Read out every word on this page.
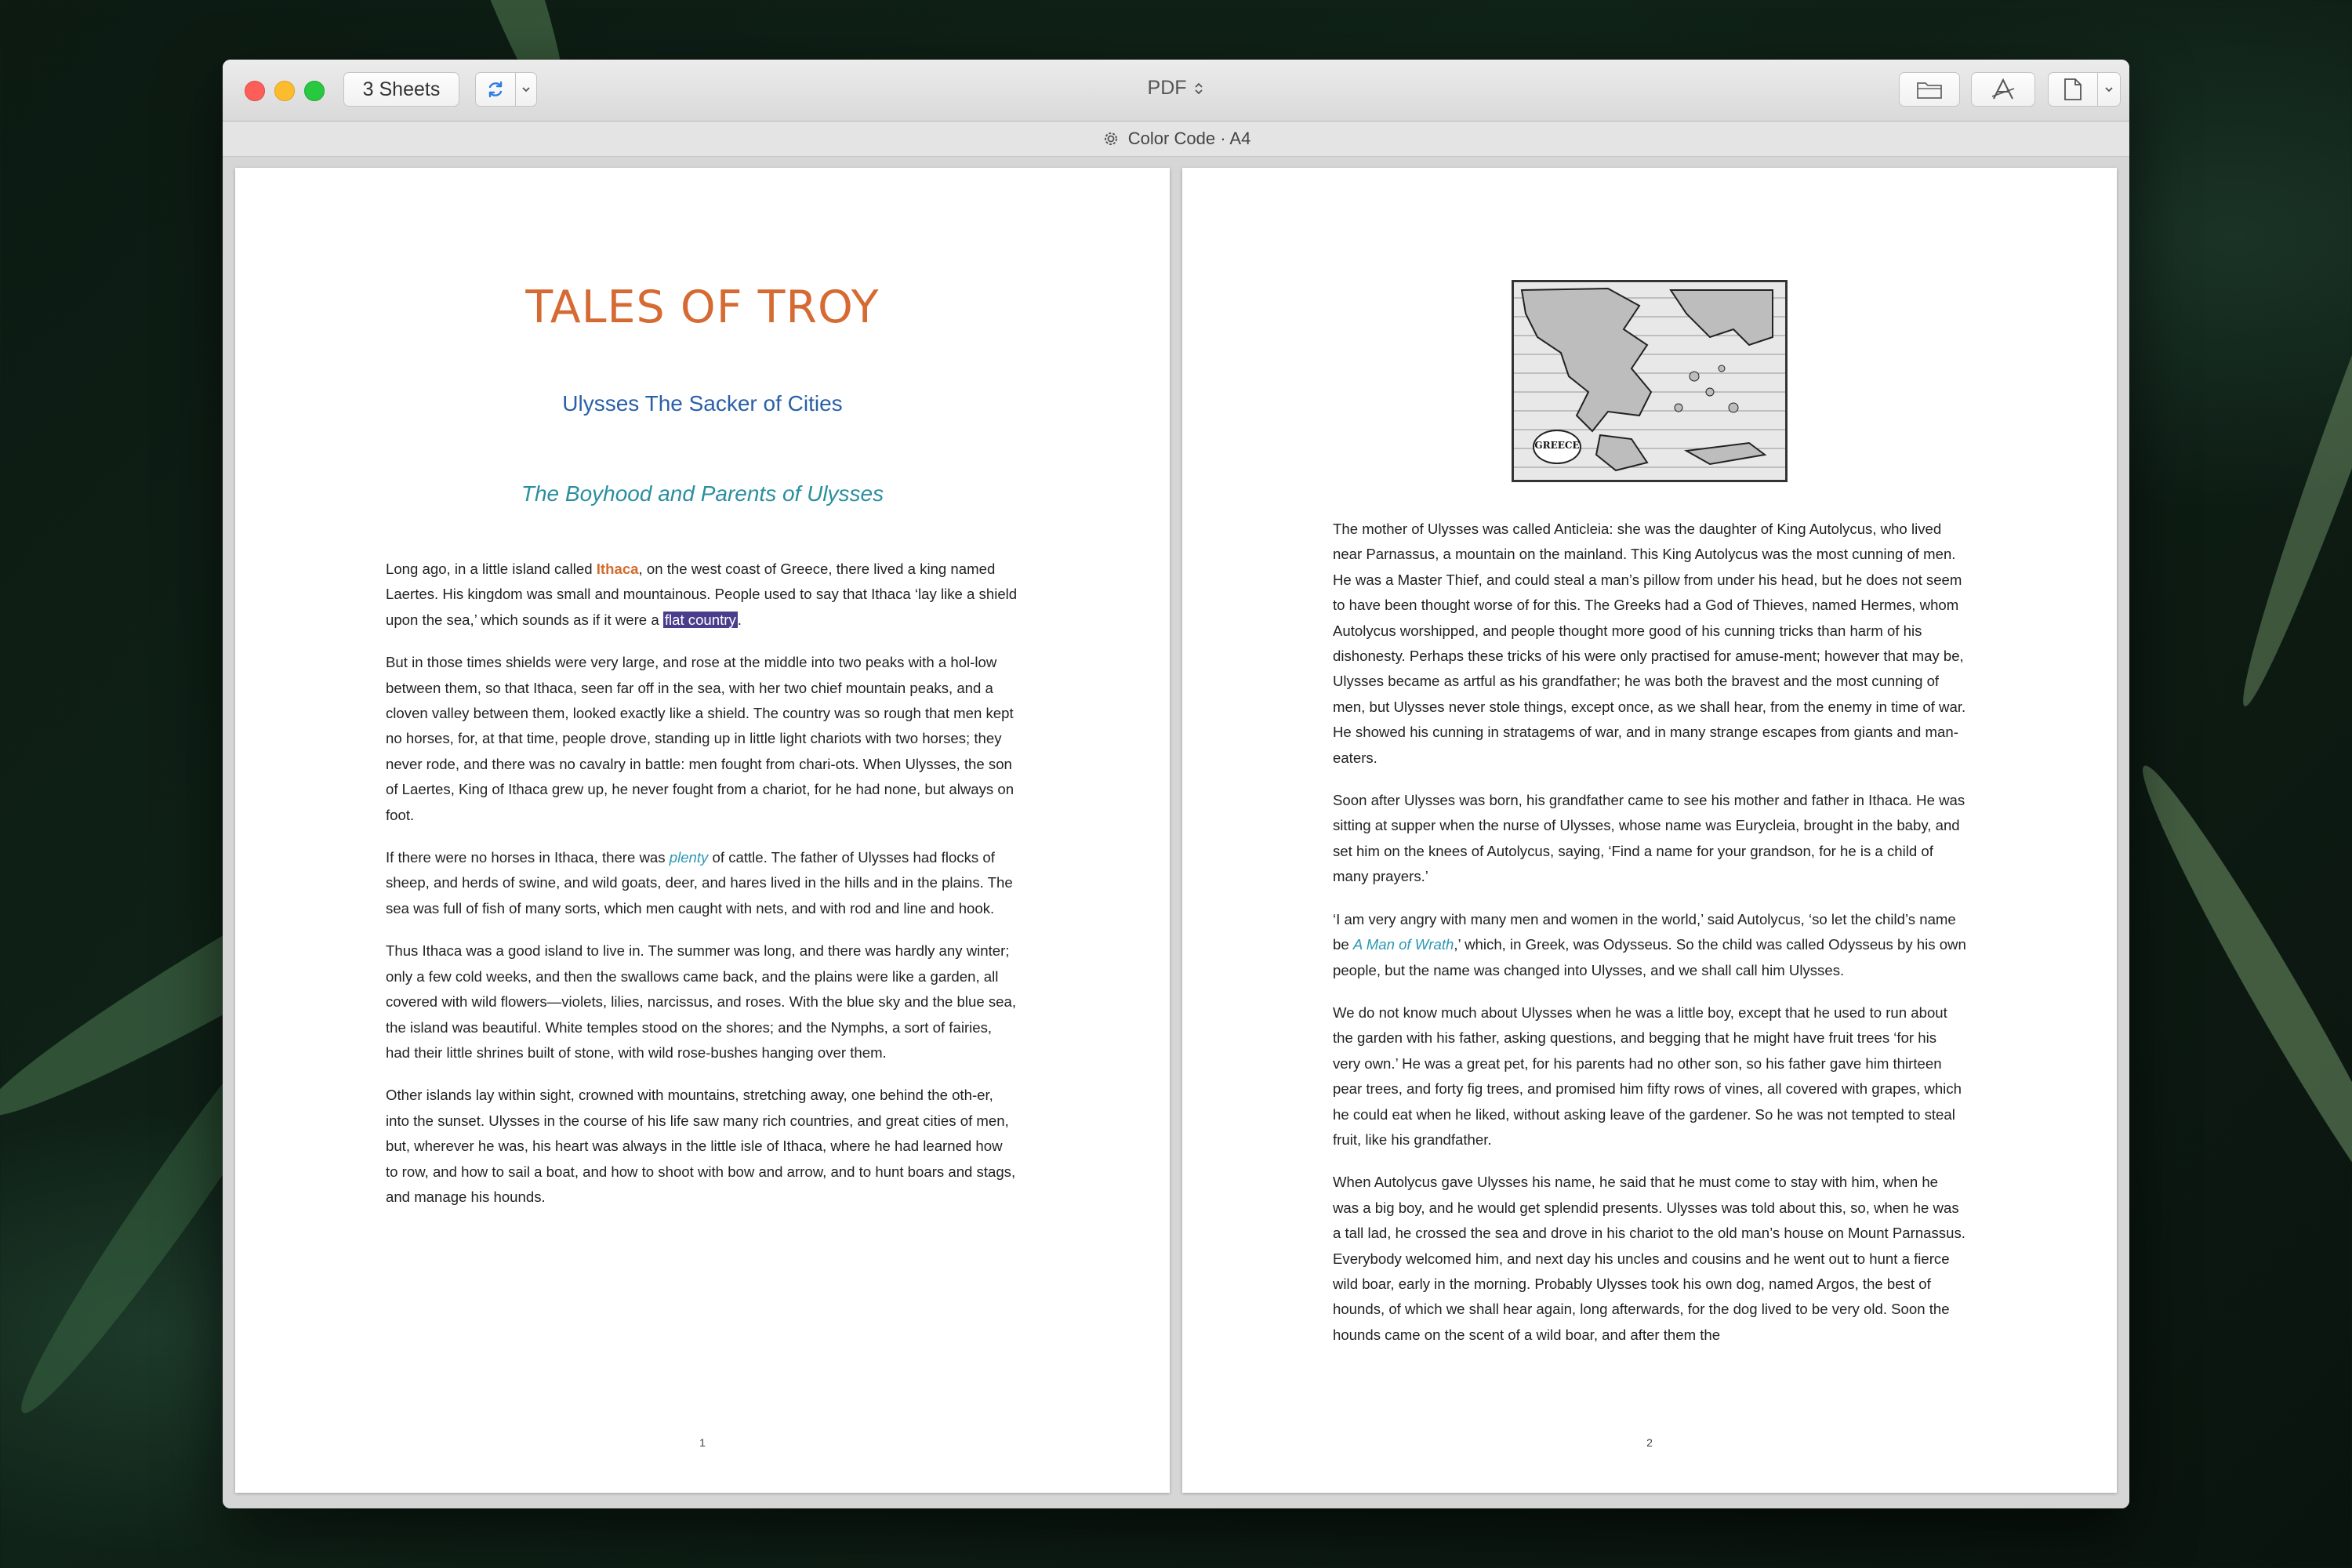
3 Sheets	PDF
Color Code · A4
TALES OF TROY
Ulysses The Sacker of Cities
The Boyhood and Parents of Ulysses

Long ago, in a little island called Ithaca, on the west coast of Greece, there lived a king named Laertes. His kingdom was small and mountainous. People used to say that Ithaca ‘lay like a shield upon the sea,’ which sounds as if it were a flat country .

But in those times shields were very large, and rose at the middle into two peaks with a hol-low between them, so that Ithaca, seen far off in the sea, with her two chief mountain peaks, and a cloven valley between them, looked exactly like a shield. The country was so rough that men kept no horses, for, at that time, people drove, standing up in little light chariots with two horses; they never rode, and there was no cavalry in battle: men fought from chari-ots. When Ulysses, the son of Laertes, King of Ithaca grew up, he never fought from a chariot, for he had none, but always on foot.

If there were no horses in Ithaca, there was plenty of cattle. The father of Ulysses had flocks of sheep, and herds of swine, and wild goats, deer, and hares lived in the hills and in the plains. The sea was full of fish of many sorts, which men caught with nets, and with rod and line and hook.

Thus Ithaca was a good island to live in. The summer was long, and there was hardly any winter; only a few cold weeks, and then the swallows came back, and the plains were like a garden, all covered with wild flowers—violets, lilies, narcissus, and roses. With the blue sky and the blue sea, the island was beautiful. White temples stood on the shores; and the Nymphs, a sort of fairies, had their little shrines built of stone, with wild rose-bushes hanging over them.

Other islands lay within sight, crowned with mountains, stretching away, one behind the oth-er, into the sunset. Ulysses in the course of his life saw many rich countries, and great cities of men, but, wherever he was, his heart was always in the little isle of Ithaca, where he had learned how to row, and how to sail a boat, and how to shoot with bow and arrow, and to hunt boars and stags, and manage his hounds.

1
GREECE

The mother of Ulysses was called Anticleia: she was the daughter of King Autolycus, who lived near Parnassus, a mountain on the mainland. This King Autolycus was the most cunning of men. He was a Master Thief, and could steal a man’s pillow from under his head, but he does not seem to have been thought worse of for this. The Greeks had a God of Thieves, named Hermes, whom Autolycus worshipped, and people thought more good of his cunning tricks than harm of his dishonesty. Perhaps these tricks of his were only practised for amuse-ment; however that may be, Ulysses became as artful as his grandfather; he was both the bravest and the most cunning of men, but Ulysses never stole things, except once, as we shall hear, from the enemy in time of war. He showed his cunning in stratagems of war, and in many strange escapes from giants and man-eaters.

Soon after Ulysses was born, his grandfather came to see his mother and father in Ithaca. He was sitting at supper when the nurse of Ulysses, whose name was Eurycleia, brought in the baby, and set him on the knees of Autolycus, saying, ‘Find a name for your grandson, for he is a child of many prayers.’

‘I am very angry with many men and women in the world,’ said Autolycus, ‘so let the child’s name be A Man of Wrath,’ which, in Greek, was Odysseus. So the child was called Odysseus by his own people, but the name was changed into Ulysses, and we shall call him Ulysses.

We do not know much about Ulysses when he was a little boy, except that he used to run about the garden with his father, asking questions, and begging that he might have fruit trees ‘for his very own.’ He was a great pet, for his parents had no other son, so his father gave him thirteen pear trees, and forty fig trees, and promised him fifty rows of vines, all covered with grapes, which he could eat when he liked, without asking leave of the gardener. So he was not tempted to steal fruit, like his grandfather.

When Autolycus gave Ulysses his name, he said that he must come to stay with him, when he was a big boy, and he would get splendid presents. Ulysses was told about this, so, when he was a tall lad, he crossed the sea and drove in his chariot to the old man’s house on Mount Parnassus. Everybody welcomed him, and next day his uncles and cousins and he went out to hunt a fierce wild boar, early in the morning. Probably Ulysses took his own dog, named Argos, the best of hounds, of which we shall hear again, long afterwards, for the dog lived to be very old. Soon the hounds came on the scent of a wild boar, and after them the

2
